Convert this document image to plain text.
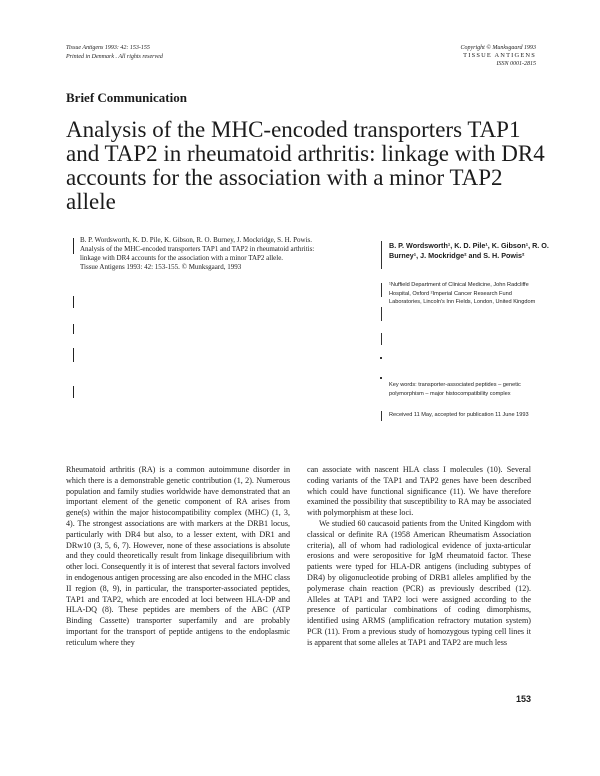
Tissue Antigens 1993: 42: 153-155
Printed in Denmark . All rights reserved
Copyright © Munksgaard 1993
TISSUE ANTIGENS
ISSN 0001-2815
Brief Communication
Analysis of the MHC-encoded transporters TAP1 and TAP2 in rheumatoid arthritis: linkage with DR4 accounts for the association with a minor TAP2 allele

B. P. Wordsworth, K. D. Pile, K. Gibson, R. O. Burney, J. Mockridge, S. H. Powis. Analysis of the MHC-encoded transporters TAP1 and TAP2 in rheumatoid arthritis: linkage with DR4 accounts for the association with a minor TAP2 allele.

Tissue Antigens 1993: 42: 153-155. © Munksgaard, 1993

B. P. Wordsworth¹, K. D. Pile¹, K. Gibson¹, R. O. Burney¹, J. Mockridge² and S. H. Powis²
¹Nuffield Department of Clinical Medicine, John Radcliffe Hospital, Oxford ²Imperial Cancer Research Fund Laboratories, Lincoln's Inn Fields, London, United Kingdom
Key words: transporter-associated peptides – genetic polymorphism – major histocompatibility complex
Received 11 May, accepted for publication 11 June 1993

Rheumatoid arthritis (RA) is a common autoimmune disorder in which there is a demonstrable genetic contribution (1, 2). Numerous population and family studies worldwide have demonstrated that an important element of the genetic component of RA arises from gene(s) within the major histocompatibility complex (MHC) (1, 3, 4). The strongest associations are with markers at the DRB1 locus, particularly with DR4 but also, to a lesser extent, with DR1 and DRw10 (3, 5, 6, 7). However, none of these associations is absolute and they could theoretically result from linkage disequilibrium with other loci. Consequently it is of interest that several factors involved in endogenous antigen processing are also encoded in the MHC class II region (8, 9), in particular, the transporter-associated peptides, TAP1 and TAP2, which are encoded at loci between HLA-DP and HLA-DQ (8). These peptides are members of the ABC (ATP Binding Cassette) transporter superfamily and are probably important for the transport of peptide antigens to the endoplasmic reticulum where they

can associate with nascent HLA class I molecules (10). Several coding variants of the TAP1 and TAP2 genes have been described which could have functional significance (11). We have therefore examined the possibility that susceptibility to RA may be associated with polymorphism at these loci.

We studied 60 caucasoid patients from the United Kingdom with classical or definite RA (1958 American Rheumatism Association criteria), all of whom had radiological evidence of juxta-articular erosions and were seropositive for IgM rheumatoid factor. These patients were typed for HLA-DR antigens (including subtypes of DR4) by oligonucleotide probing of DRB1 alleles amplified by the polymerase chain reaction (PCR) as previously described (12). Alleles at TAP1 and TAP2 loci were assigned according to the presence of particular combinations of coding dimorphisms, identified using ARMS (amplification refractory mutation system) PCR (11). From a previous study of homozygous typing cell lines it is apparent that some alleles at TAP1 and TAP2 are much less

153
